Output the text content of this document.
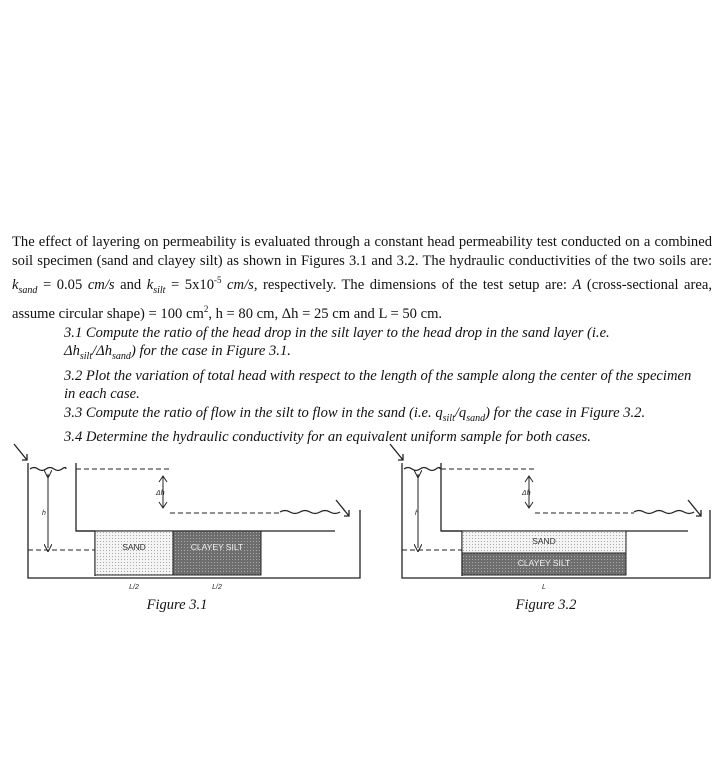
The effect of layering on permeability is evaluated through a constant head permeability test conducted on a combined soil specimen (sand and clayey silt) as shown in Figures 3.1 and 3.2. The hydraulic conductivities of the two soils are: $k_{sand} = 0.05$ cm/s and $k_{silt} = 5x10^{-5}$ cm/s, respectively. The dimensions of the test setup are: A (cross-sectional area, assume circular shape) = 100 $cm^2$, h = 80 cm, Δh = 25 cm and L = 50 cm.
3.1 Compute the ratio of the head drop in the silt layer to the head drop in the sand layer (i.e.
$\Delta h_{silt}/\Delta h_{sand}$) for the case in Figure 3.1.
3.2 Plot the variation of total head with respect to the length of the sample along the center of the specimen in each case.
3.3 Compute the ratio of flow in the silt to flow in the sand (i.e. $q_{silt}/q_{sand}$) for the case in Figure 3.2.
3.4 Determine the hydraulic conductivity for an equivalent uniform sample for both cases.
h
Δh
SAND	CLAYEY SILT
L/2	L/2
Figure 3.1
h
Δh
SAND
CLAYEY SILT
L
Figure 3.2
